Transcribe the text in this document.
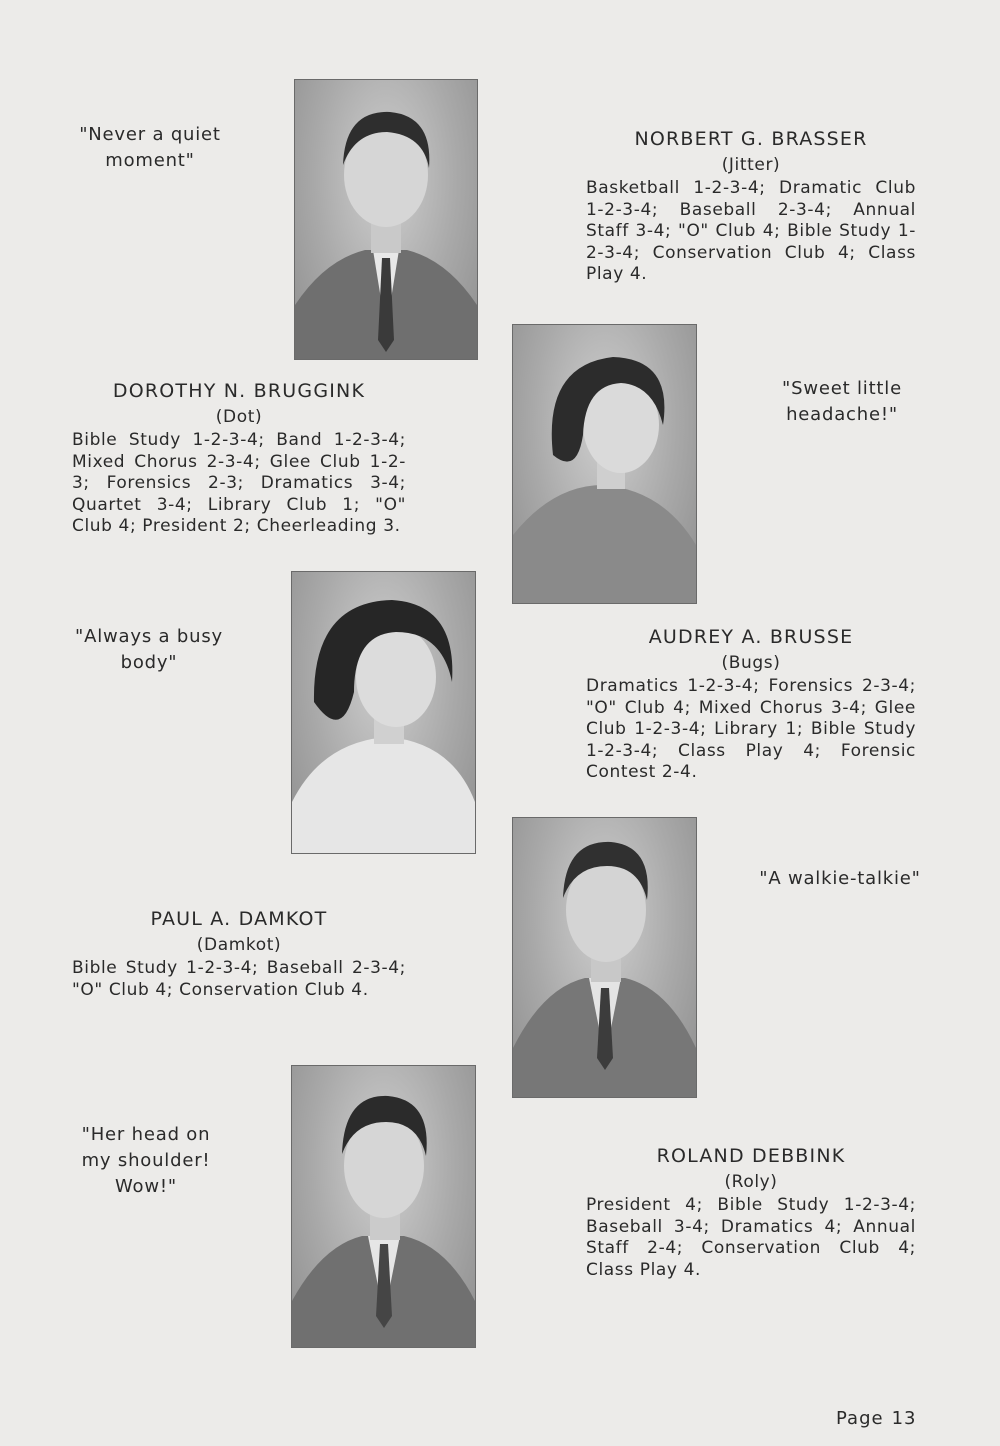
"Never a quiet moment"
NORBERT G. BRASSER
(Jitter)
Basketball 1-2-3-4; Dramatic Club 1-2-3-4; Baseball 2-3-4; Annual Staff 3-4; "O" Club 4; Bible Study 1-2-3-4; Conservation Club 4; Class Play 4.
DOROTHY N. BRUGGINK
(Dot)
Bible Study 1-2-3-4; Band 1-2-3-4; Mixed Chorus 2-3-4; Glee Club 1-2-3; Forensics 2-3; Dramatics 3-4; Quartet 3-4; Library Club 1; "O" Club 4; President 2; Cheerleading 3.
"Sweet little headache!"
"Always a busy body"
AUDREY A. BRUSSE
(Bugs)
Dramatics 1-2-3-4; Forensics 2-3-4; "O" Club 4; Mixed Chorus 3-4; Glee Club 1-2-3-4; Library 1; Bible Study 1-2-3-4; Class Play 4; Forensic Contest 2-4.
PAUL A. DAMKOT
(Damkot)
Bible Study 1-2-3-4; Baseball 2-3-4; "O" Club 4; Conservation Club 4.
"A walkie-talkie"
"Her head on my shoulder! Wow!"
ROLAND DEBBINK
(Roly)
President 4; Bible Study 1-2-3-4; Baseball 3-4; Dramatics 4; Annual Staff 2-4; Conservation Club 4; Class Play 4.
Page 13
